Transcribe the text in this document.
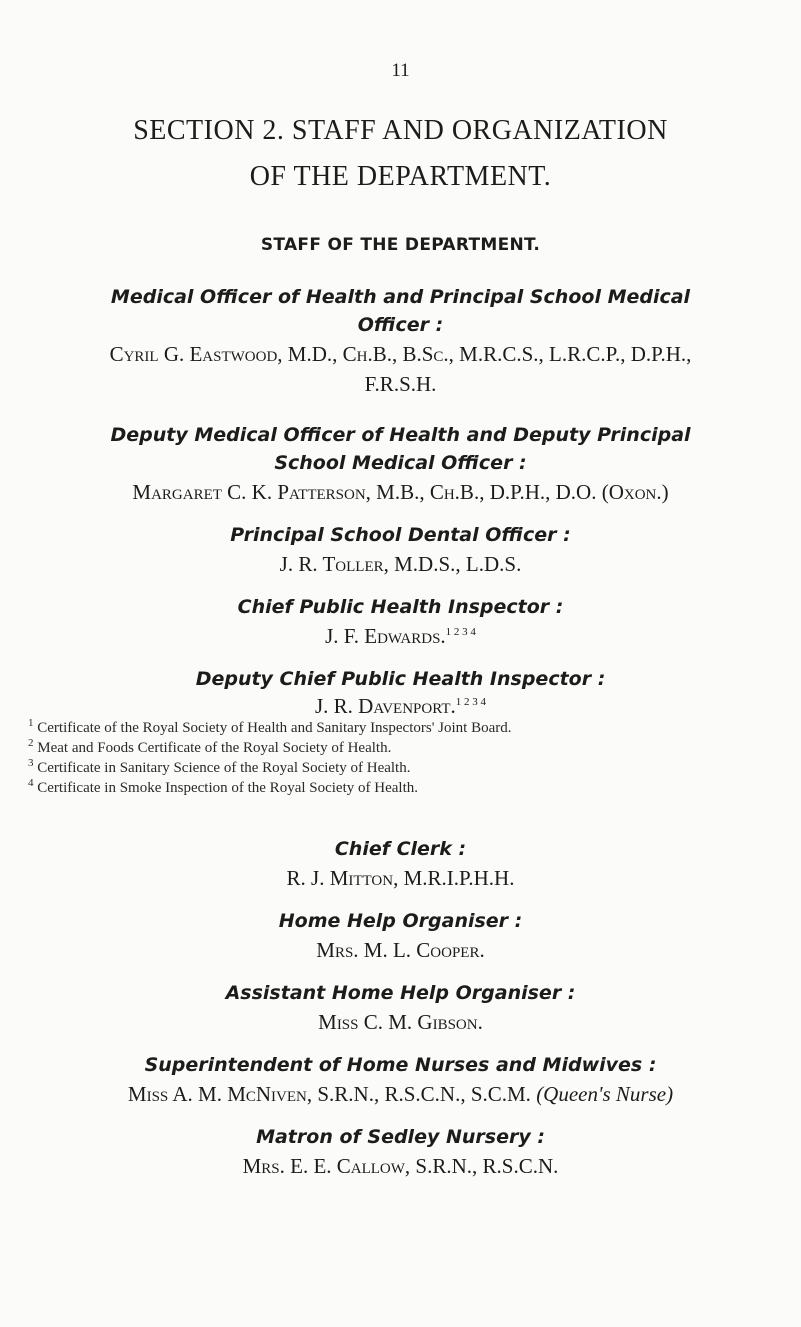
11
SECTION 2. STAFF AND ORGANIZATION
OF THE DEPARTMENT.
STAFF OF THE DEPARTMENT.
Medical Officer of Health and Principal School Medical
Officer :
Cyril G. Eastwood, M.D., Ch.B., B.Sc., M.R.C.S., L.R.C.P., D.P.H.,
F.R.S.H.
Deputy Medical Officer of Health and Deputy Principal
School Medical Officer :
Margaret C. K. Patterson, M.B., Ch.B., D.P.H., D.O. (Oxon.)
Principal School Dental Officer :
J. R. Toller, M.D.S., L.D.S.
Chief Public Health Inspector :
J. F. Edwards.$^{1 2 3 4}$
Deputy Chief Public Health Inspector :
J. R. Davenport.$^{1 2 3 4}$
$^1$ Certificate of the Royal Society of Health and Sanitary Inspectors' Joint Board.
$^2$ Meat and Foods Certificate of the Royal Society of Health.
$^3$ Certificate in Sanitary Science of the Royal Society of Health.
$^4$ Certificate in Smoke Inspection of the Royal Society of Health.
Chief Clerk :
R. J. Mitton, M.R.I.P.H.H.
Home Help Organiser :
Mrs. M. L. Cooper.
Assistant Home Help Organiser :
Miss C. M. Gibson.
Superintendent of Home Nurses and Midwives :
Miss A. M. McNiven, S.R.N., R.S.C.N., S.C.M. (Queen's Nurse)
Matron of Sedley Nursery :
Mrs. E. E. Callow, S.R.N., R.S.C.N.
